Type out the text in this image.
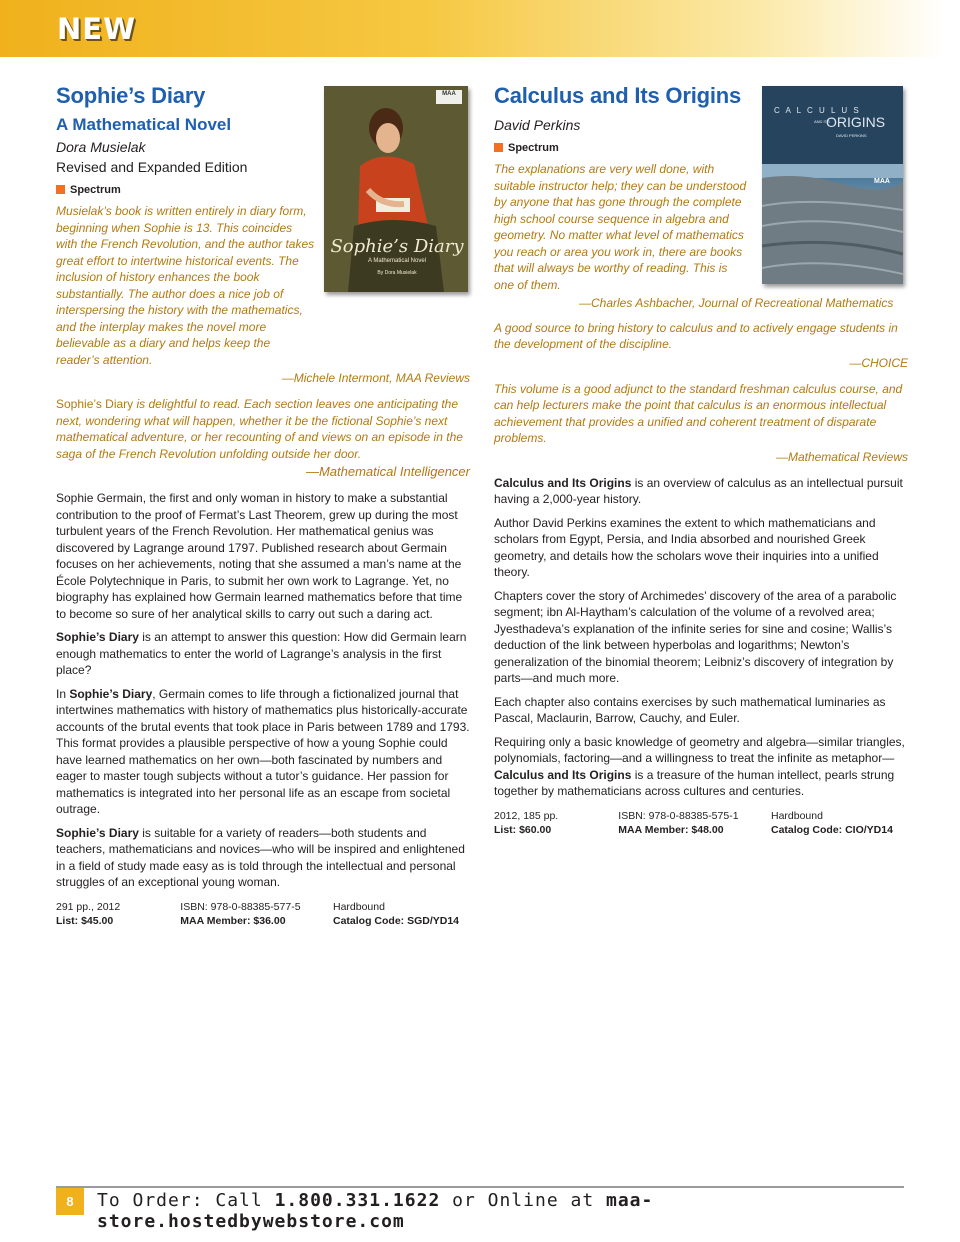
NEW
Sophie’s Diary
A Mathematical Novel
By Dora Musielak
MAA
C A L C U L U S
AND ITS
ORIGINS
DAVID PERKINS
MAA
Sophie’s Diary
A Mathematical Novel

Dora Musielak

Revised and Expanded Edition

Spectrum

Musielak’s book is written entirely in diary form, beginning when Sophie is 13. This coincides with the French Revolution, and the author takes great effort to intertwine historical events. The inclusion of history enhances the book substantially. The author does a nice job of interspersing the history with the mathematics, and the interplay makes the novel more believable as a diary and helps keep the reader’s attention.

—Michele Intermont, MAA Reviews

Sophie’s Diary is delightful to read. Each section leaves one anticipating the next, wondering what will happen, whether it be the fictional Sophie’s next mathematical adventure, or her recounting of and views on an episode in the saga of the French Revolution unfolding outside her door.

—Mathematical Intelligencer

Sophie Germain, the first and only woman in history to make a substantial contribution to the proof of Fermat’s Last Theorem, grew up during the most turbulent years of the French Revolution. Her mathematical genius was discovered by Lagrange around 1797. Published research about Germain focuses on her achievements, noting that she assumed a man’s name at the École Polytechnique in Paris, to submit her own work to Lagrange. Yet, no biography has explained how Germain learned mathematics before that time to become so sure of her analytical skills to carry out such a daring act.

Sophie’s Diary is an attempt to answer this question: How did Germain learn enough mathematics to enter the world of Lagrange’s analysis in the first place?

In Sophie’s Diary, Germain comes to life through a fictionalized journal that intertwines mathematics with history of mathematics plus historically-accurate accounts of the brutal events that took place in Paris between 1789 and 1793. This format provides a plausible perspective of how a young Sophie could have learned mathematics on her own—both fascinated by numbers and eager to master tough subjects without a tutor’s guidance. Her passion for mathematics is integrated into her personal life as an escape from societal outrage.

Sophie’s Diary is suitable for a variety of readers—both students and teachers, mathematicians and novices—who will be inspired and enlightened in a field of study made easy as is told through the intellectual and personal struggles of an exceptional young woman.

291 pp., 2012
List: $45.00
ISBN: 978-0-88385-577-5
MAA Member: $36.00
Hardbound
Catalog Code: SGD/YD14
Calculus and Its Origins

David Perkins

Spectrum

The explanations are very well done, with suitable instructor help; they can be understood by anyone that has gone through the complete high school course sequence in algebra and geometry. No matter what level of mathematics you reach or area you work in, there are books that will always be worthy of reading. This is one of them.

—Charles Ashbacher, Journal of Recreational Mathematics

A good source to bring history to calculus and to actively engage students in the development of the discipline.

—CHOICE

This volume is a good adjunct to the standard freshman calculus course, and can help lecturers make the point that calculus is an enormous intellectual achievement that provides a unified and coherent treatment of disparate problems.

—Mathematical Reviews

Calculus and Its Origins is an overview of calculus as an intellectual pursuit having a 2,000-year history.

Author David Perkins examines the extent to which mathematicians and scholars from Egypt, Persia, and India absorbed and nourished Greek geometry, and details how the scholars wove their inquiries into a unified theory.

Chapters cover the story of Archimedes’ discovery of the area of a parabolic segment; ibn Al-Haytham’s calculation of the volume of a revolved area; Jyesthadeva’s explanation of the infinite series for sine and cosine; Wallis’s deduction of the link between hyperbolas and logarithms; Newton’s generalization of the binomial theorem; Leibniz’s discovery of integration by parts—and much more.

Each chapter also contains exercises by such mathematical luminaries as Pascal, Maclaurin, Barrow, Cauchy, and Euler.

Requiring only a basic knowledge of geometry and algebra—similar triangles, polynomials, factoring—and a willingness to treat the infinite as metaphor—Calculus and Its Origins is a treasure of the human intellect, pearls strung together by mathematicians across cultures and centuries.

2012, 185 pp.
List: $60.00
ISBN: 978-0-88385-575-1
MAA Member: $48.00
Hardbound
Catalog Code: CIO/YD14
8	To Order: Call 1.800.331.1622 or Online at maa-store.hostedbywebstore.com
